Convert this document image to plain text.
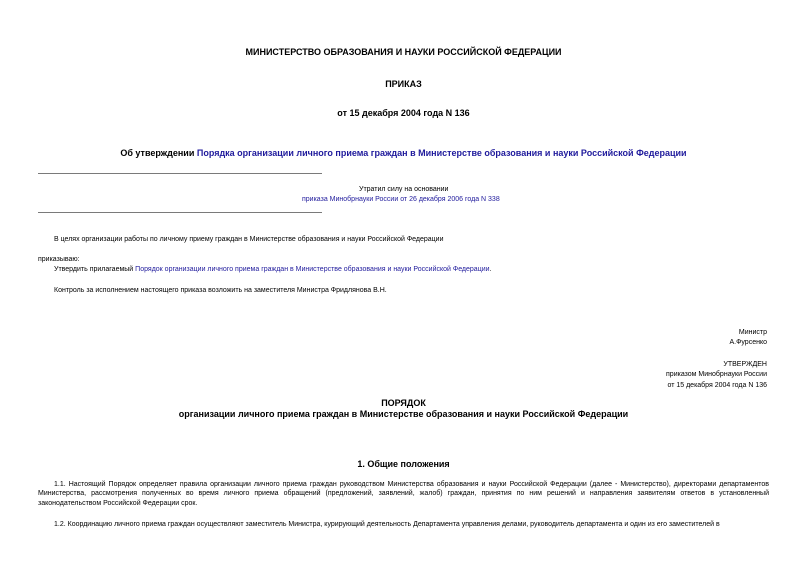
МИНИСТЕРСТВО ОБРАЗОВАНИЯ И НАУКИ РОССИЙСКОЙ ФЕДЕРАЦИИ
ПРИКАЗ
от 15 декабря 2004 года N 136
Об утверждении Порядка организации личного приема граждан в Министерстве образования и науки Российской Федерации
Утратил силу на основании
приказа Минобрнауки России от 26 декабря 2006 года N 338
В целях организации работы по личному приему граждан в Министерстве образования и науки Российской Федерации
приказываю:
Утвердить прилагаемый Порядок организации личного приема граждан в Министерстве образования и науки Российской Федерации.
Контроль за исполнением настоящего приказа возложить на заместителя Министра Фридлянова В.Н.
Министр
А.Фурсенко
УТВЕРЖДЕН
приказом Минобрнауки России
от 15 декабря 2004 года N 136
ПОРЯДОК
организации личного приема граждан в Министерстве образования и науки Российской Федерации
1. Общие положения
1.1. Настоящий Порядок определяет правила организации личного приема граждан руководством Министерства образования и науки Российской Федерации (далее - Министерство), директорами департаментов Министерства, рассмотрения полученных во время личного приема обращений (предложений, заявлений, жалоб) граждан, принятия по ним решений и направления заявителям ответов в установленный законодательством Российской Федерации срок.
1.2. Координацию личного приема граждан осуществляют заместитель Министра, курирующий деятельность Департамента управления делами, руководитель департамента и один из его заместителей в
